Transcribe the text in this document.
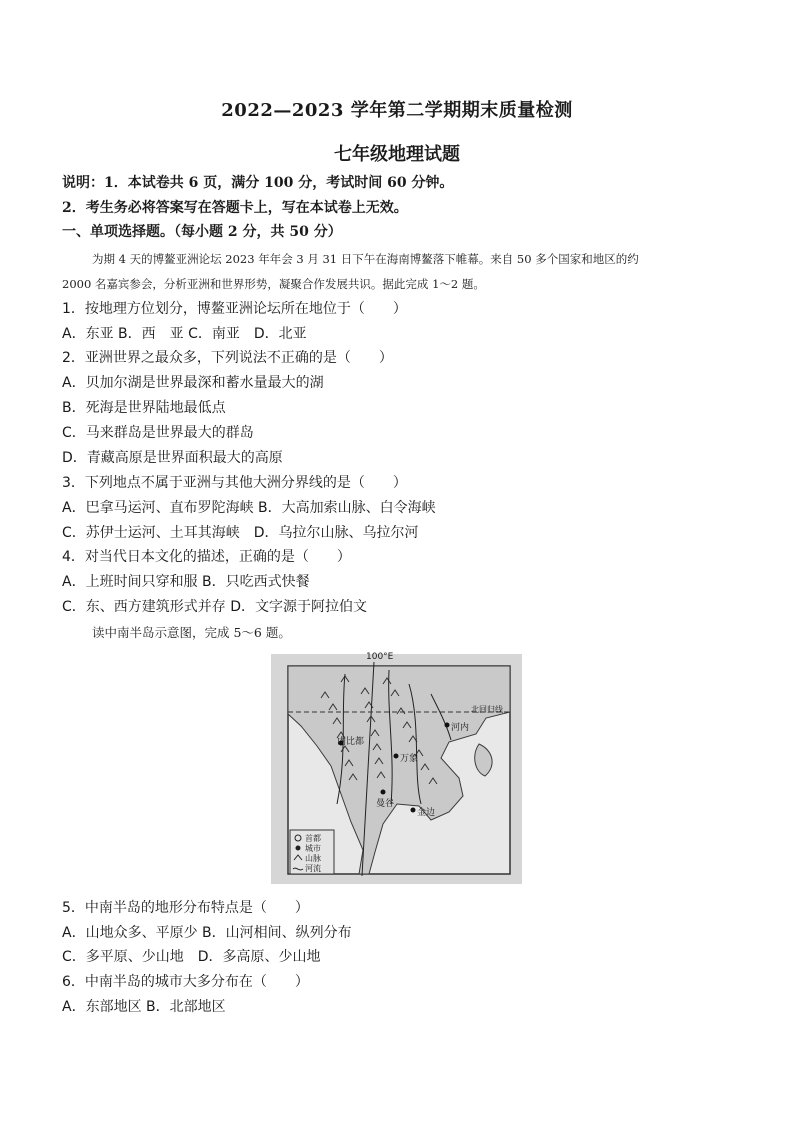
2022—2023 学年第二学期期末质量检测
七年级地理试题
说明：1．本试卷共 6 页，满分 100 分，考试时间 60 分钟。
2．考生务必将答案写在答题卡上，写在本试卷上无效。
一、单项选择题。（每小题 2 分，共 50 分）
为期 4 天的博鳌亚洲论坛 2023 年年会 3 月 31 日下午在海南博鳌落下帷幕。来自 50 多个国家和地区的约
2000 名嘉宾参会，分析亚洲和世界形势，凝聚合作发展共识。据此完成 1～2 题。
1．按地理方位划分，博鳌亚洲论坛所在地位于（　　）
A．东亚 B．西　亚 C．南亚　D．北亚
2．亚洲世界之最众多，下列说法不正确的是（　　）
A．贝加尔湖是世界最深和蓄水量最大的湖
B．死海是世界陆地最低点
C．马来群岛是世界最大的群岛
D．青藏高原是世界面积最大的高原
3．下列地点不属于亚洲与其他大洲分界线的是（　　）
A．巴拿马运河、直布罗陀海峡 B．大高加索山脉、白令海峡
C．苏伊士运河、土耳其海峡　D．乌拉尔山脉、乌拉尔河
4．对当代日本文化的描述，正确的是（　　）
A．上班时间只穿和服 B．只吃西式快餐
C．东、西方建筑形式并存 D．文字源于阿拉伯文
读中南半岛示意图，完成 5～6 题。
100°E
北回归线
内比都
河内
万象
曼谷
金边
首都
城市
山脉
河流
5．中南半岛的地形分布特点是（　　）
A．山地众多、平原少 B．山河相间、纵列分布
C．多平原、少山地　D．多高原、少山地
6．中南半岛的城市大多分布在（　　）
A．东部地区 B．北部地区
